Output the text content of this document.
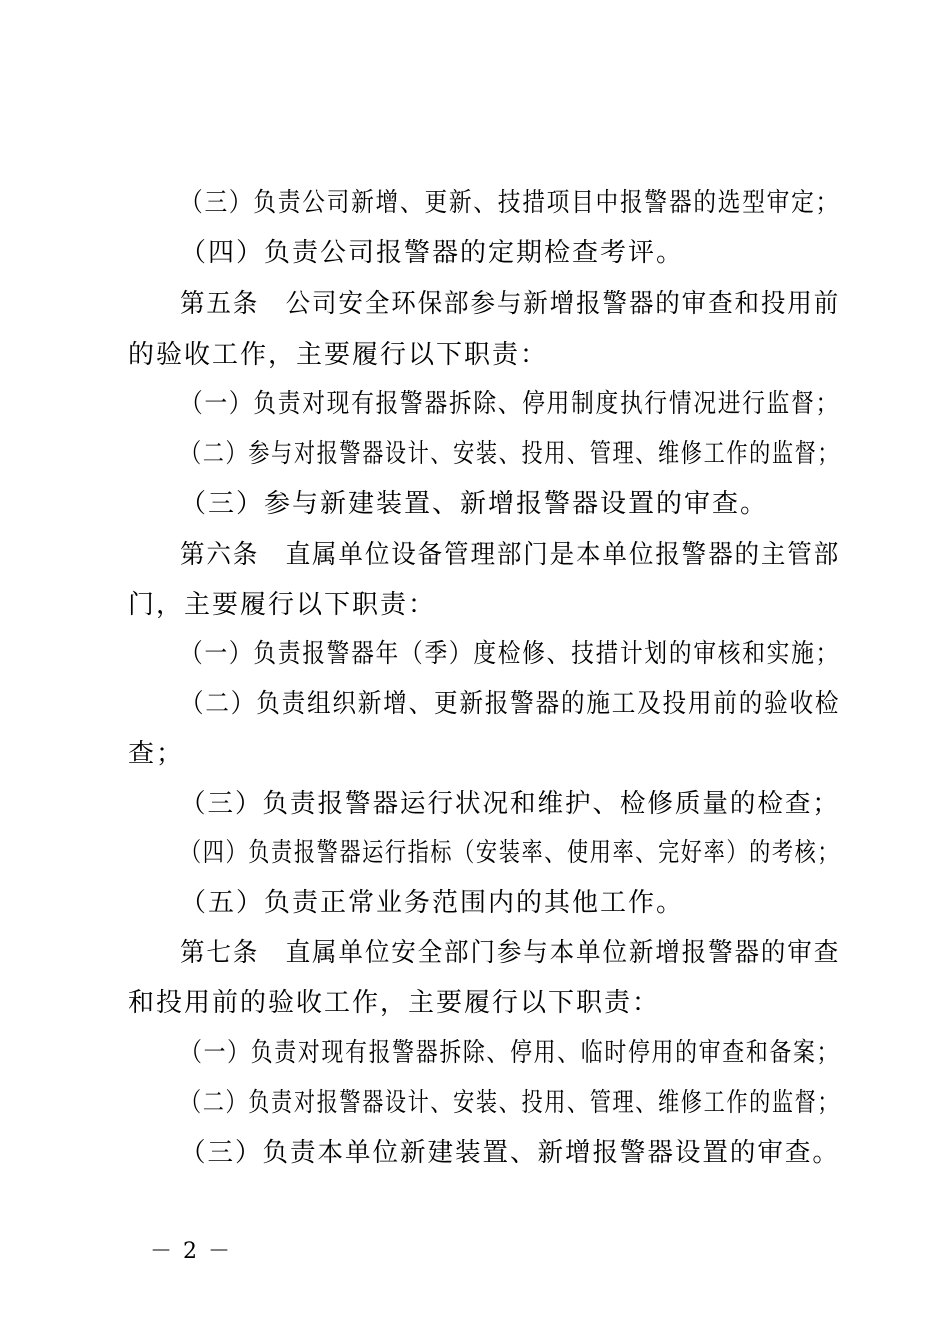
（三）负责公司新增、更新、技措项目中报警器的选型审定；
（四）负责公司报警器的定期检查考评。
第五条　公司安全环保部参与新增报警器的审查和投用前
的验收工作，主要履行以下职责：
（一）负责对现有报警器拆除、停用制度执行情况进行监督；
（二）参与对报警器设计、安装、投用、管理、维修工作的监督；
（三）参与新建装置、新增报警器设置的审查。
第六条　直属单位设备管理部门是本单位报警器的主管部
门，主要履行以下职责：
（一）负责报警器年（季）度检修、技措计划的审核和实施；
（二）负责组织新增、更新报警器的施工及投用前的验收检
查；
（三）负责报警器运行状况和维护、检修质量的检查；
（四）负责报警器运行指标（安装率、使用率、完好率）的考核；
（五）负责正常业务范围内的其他工作。
第七条　直属单位安全部门参与本单位新增报警器的审查
和投用前的验收工作，主要履行以下职责：
（一）负责对现有报警器拆除、停用、临时停用的审查和备案；
（二）负责对报警器设计、安装、投用、管理、维修工作的监督；
（三）负责本单位新建装置、新增报警器设置的审查。
－ 2 －
